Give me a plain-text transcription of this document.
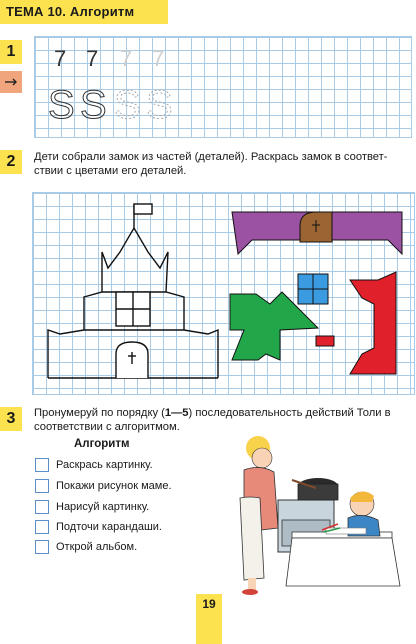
ТЕМА 10. Алгоритм
1 7 7 7 7
S S S S
2	Дети собрали замок из частей (деталей). Раскрась замок в соответ-
ствии с цветами его деталей.
3	Пронумеруй по порядку (1—5) последовательность действий Толи в
соответствии с алгоритмом.
Алгоритм
Раскрась картинку.
Покажи рисунок маме.
Нарисуй картинку.
Подточи карандаши.
Открой альбом.
19
